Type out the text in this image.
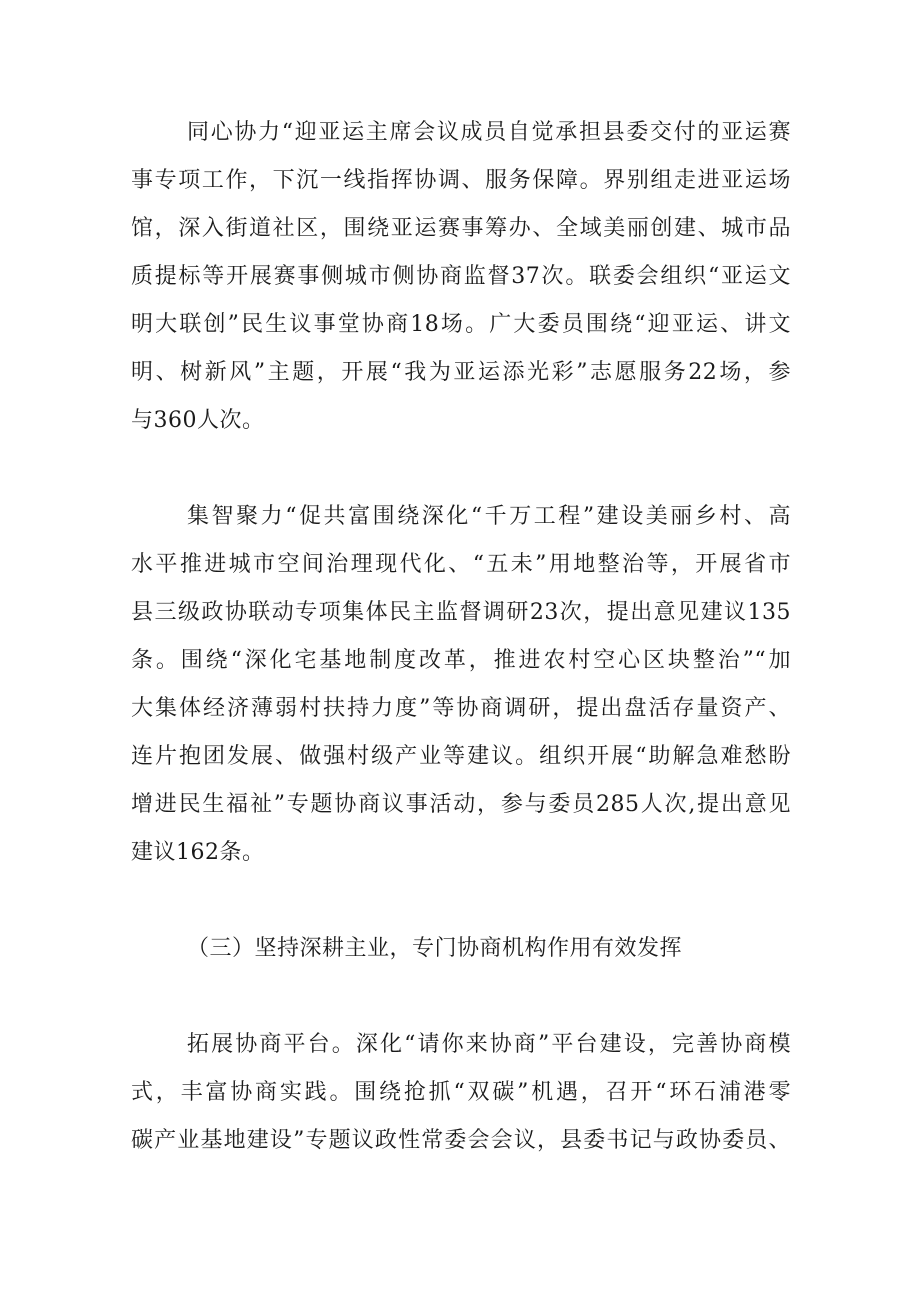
同心协力“迎亚运主席会议成员自觉承担县委交付的亚运赛
事专项工作，下沉一线指挥协调、服务保障。界别组走进亚运场
馆，深入街道社区，围绕亚运赛事筹办、全域美丽创建、城市品
质提标等开展赛事侧城市侧协商监督37次。联委会组织“亚运文
明大联创”民生议事堂协商18场。广大委员围绕“迎亚运、讲文
明、树新风”主题，开展“我为亚运添光彩”志愿服务22场，参
与360人次。
集智聚力“促共富围绕深化“千万工程”建设美丽乡村、高
水平推进城市空间治理现代化、“五未”用地整治等，开展省市
县三级政协联动专项集体民主监督调研23次，提出意见建议135
条。围绕“深化宅基地制度改革，推进农村空心区块整治”“加
大集体经济薄弱村扶持力度”等协商调研，提出盘活存量资产、
连片抱团发展、做强村级产业等建议。组织开展“助解急难愁盼
增进民生福祉”专题协商议事活动，参与委员285人次,提出意见
建议162条。
（三）坚持深耕主业，专门协商机构作用有效发挥
拓展协商平台。深化“请你来协商”平台建设，完善协商模
式，丰富协商实践。围绕抢抓“双碳”机遇，召开“环石浦港零
碳产业基地建设”专题议政性常委会会议，县委书记与政协委员、
